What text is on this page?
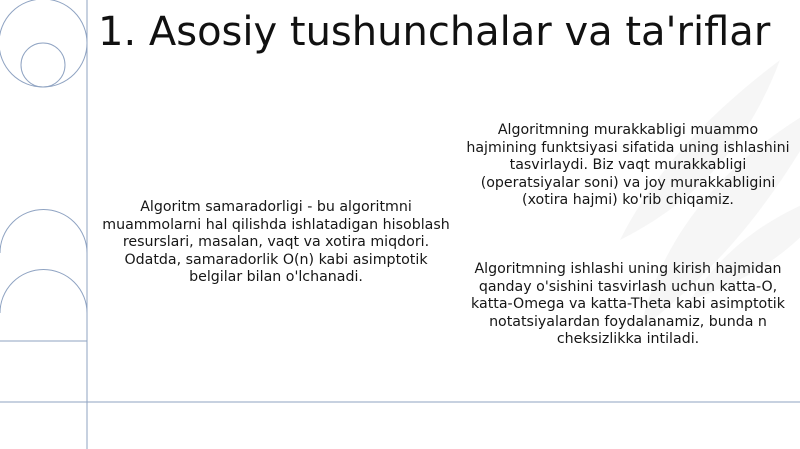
1. Asosiy tushunchalar va ta'riflar
Algoritm samaradorligi - bu algoritmni muammolarni hal qilishda ishlatadigan hisoblash resurslari, masalan, vaqt va xotira miqdori. Odatda, samaradorlik O(n) kabi asimptotik belgilar bilan o'lchanadi.
Algoritmning murakkabligi muammo hajmining funktsiyasi sifatida uning ishlashini tasvirlaydi. Biz vaqt murakkabligi (operatsiyalar soni) va joy murakkabligini (xotira hajmi) ko'rib chiqamiz.
Algoritmning ishlashi uning kirish hajmidan qanday o'sishini tasvirlash uchun katta-O, katta-Omega va katta-Theta kabi asimptotik notatsiyalardan foydalanamiz, bunda n cheksizlikka intiladi.
